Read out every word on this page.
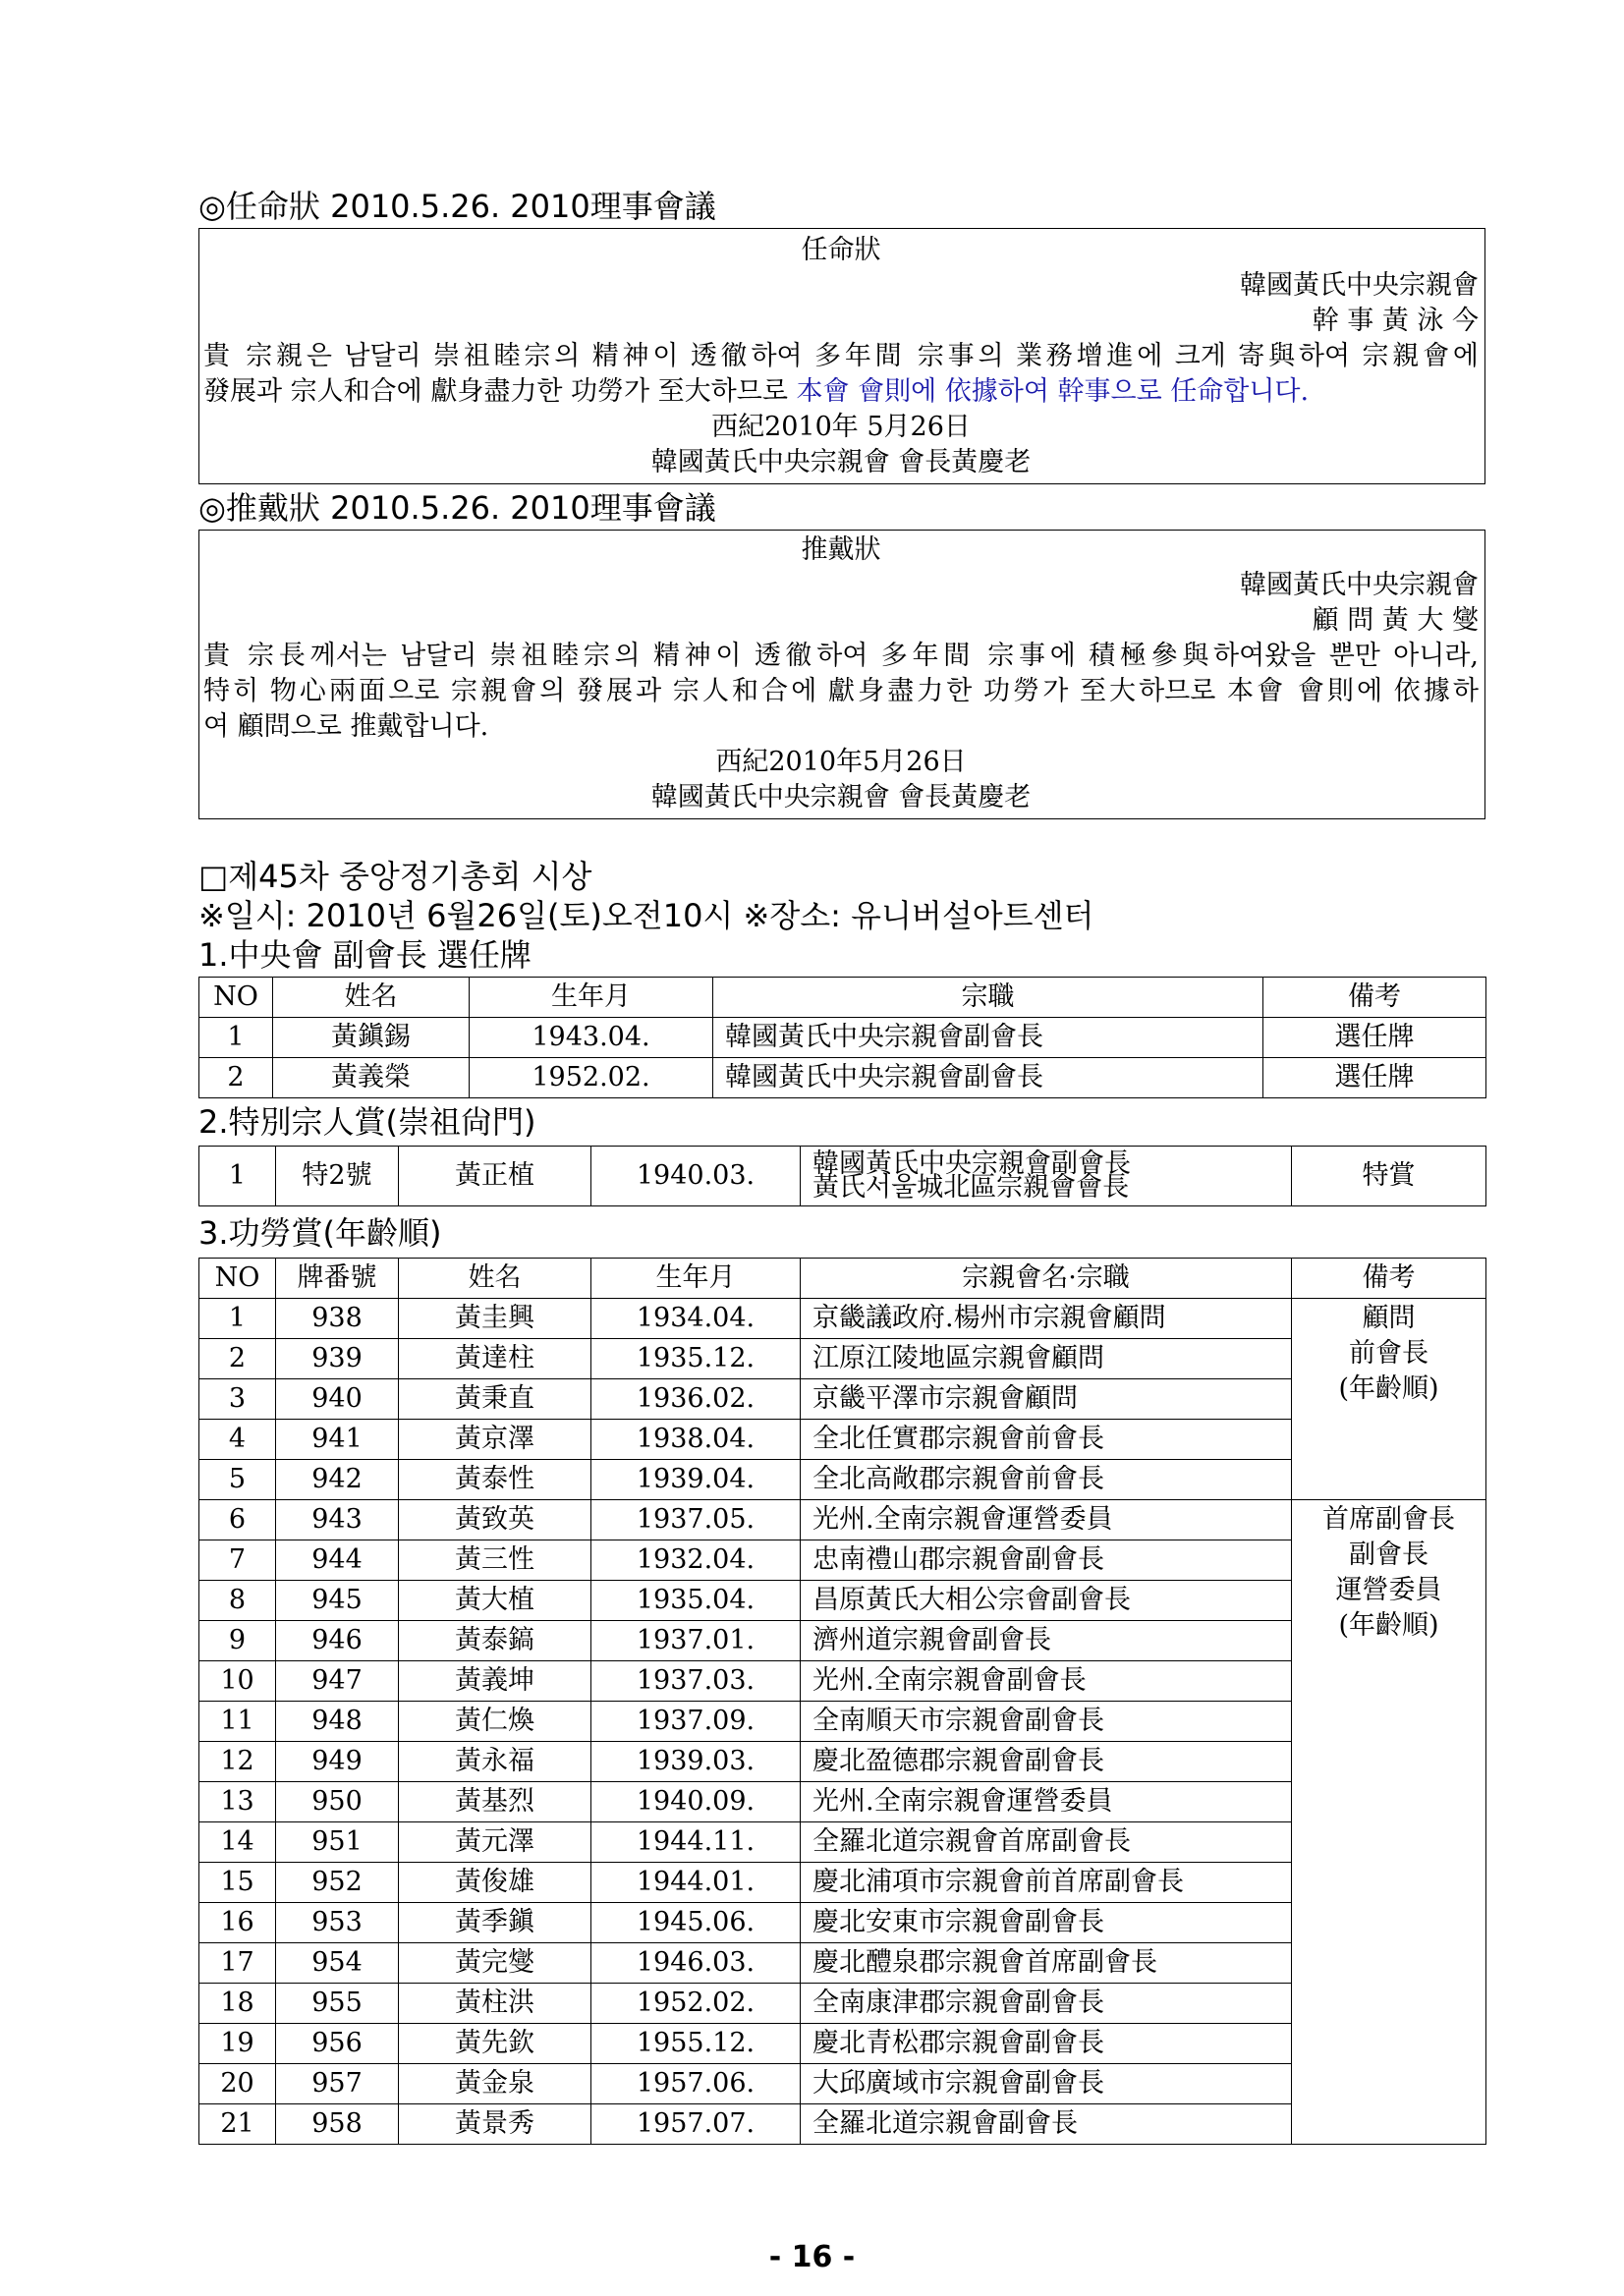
◎任命狀 2010.5.26. 2010理事會議
任命狀
韓國黃氏中央宗親會
幹 事 黃 泳 今
貴 宗親은 남달리 崇祖睦宗의 精神이 透徹하여 多年間 宗事의 業務增進에 크게 寄與하여 宗親會에
發展과 宗人和合에 獻身盡力한 功勞가 至大하므로 本會 會則에 依據하여 幹事으로 任命합니다.
西紀2010年 5月26日
韓國黃氏中央宗親會 會長黃慶老
◎推戴狀 2010.5.26. 2010理事會議
推戴狀
韓國黃氏中央宗親會
顧 問 黃 大 燮
貴 宗長께서는 남달리 崇祖睦宗의 精神이 透徹하여 多年間 宗事에 積極參與하여왔을 뿐만 아니라,
特히 物心兩面으로 宗親會의 發展과 宗人和合에 獻身盡力한 功勞가 至大하므로 本會 會則에 依據하
여 顧問으로 推戴합니다.
西紀2010年5月26日
韓國黃氏中央宗親會 會長黃慶老
□제45차 중앙정기총회 시상
※일시: 2010년 6월26일(토)오전10시 ※장소: 유니버설아트센터
1.中央會 副會長 選任牌
NO	姓名	生年月	宗職	備考
1	黃鎭錫	1943.04.	韓國黃氏中央宗親會副會長	選任牌
2	黃義榮	1952.02.	韓國黃氏中央宗親會副會長	選任牌
2.特別宗人賞(崇祖尙門)
1	特2號	黃正植	1940.03.	韓國黃氏中央宗親會副會長
黃氏서울城北區宗親會會長	特賞
3.功勞賞(年齡順)
NO	牌番號	姓名	生年月	宗親會名·宗職	備考
1	938	黃圭興	1934.04.	京畿議政府.楊州市宗親會顧問	顧問
前會長
(年齡順)

2	939	黃達柱	1935.12.	江原江陵地區宗親會顧問	
3	940	黃秉直	1936.02.	京畿平澤市宗親會顧問	
4	941	黃京澤	1938.04.	全北任實郡宗親會前會長	
5	942	黃泰性	1939.04.	全北高敞郡宗親會前會長	
6	943	黃致英	1937.05.	光州.全南宗親會運營委員	首席副會長
副會長
運營委員
(年齡順)

7	944	黃三性	1932.04.	忠南禮山郡宗親會副會長	
8	945	黃大植	1935.04.	昌原黃氏大相公宗會副會長	
9	946	黃泰鎬	1937.01.	濟州道宗親會副會長	
10	947	黃義坤	1937.03.	光州.全南宗親會副會長	
11	948	黃仁煥	1937.09.	全南順天市宗親會副會長	
12	949	黃永福	1939.03.	慶北盈德郡宗親會副會長	
13	950	黃基烈	1940.09.	光州.全南宗親會運營委員	
14	951	黃元澤	1944.11.	全羅北道宗親會首席副會長	
15	952	黃俊雄	1944.01.	慶北浦項市宗親會前首席副會長	
16	953	黃季鎭	1945.06.	慶北安東市宗親會副會長	
17	954	黃完燮	1946.03.	慶北醴泉郡宗親會首席副會長	
18	955	黃柱洪	1952.02.	全南康津郡宗親會副會長	
19	956	黃先欽	1955.12.	慶北青松郡宗親會副會長	
20	957	黃金泉	1957.06.	大邱廣域市宗親會副會長	
21	958	黃景秀	1957.07.	全羅北道宗親會副會長	
- 16 -
